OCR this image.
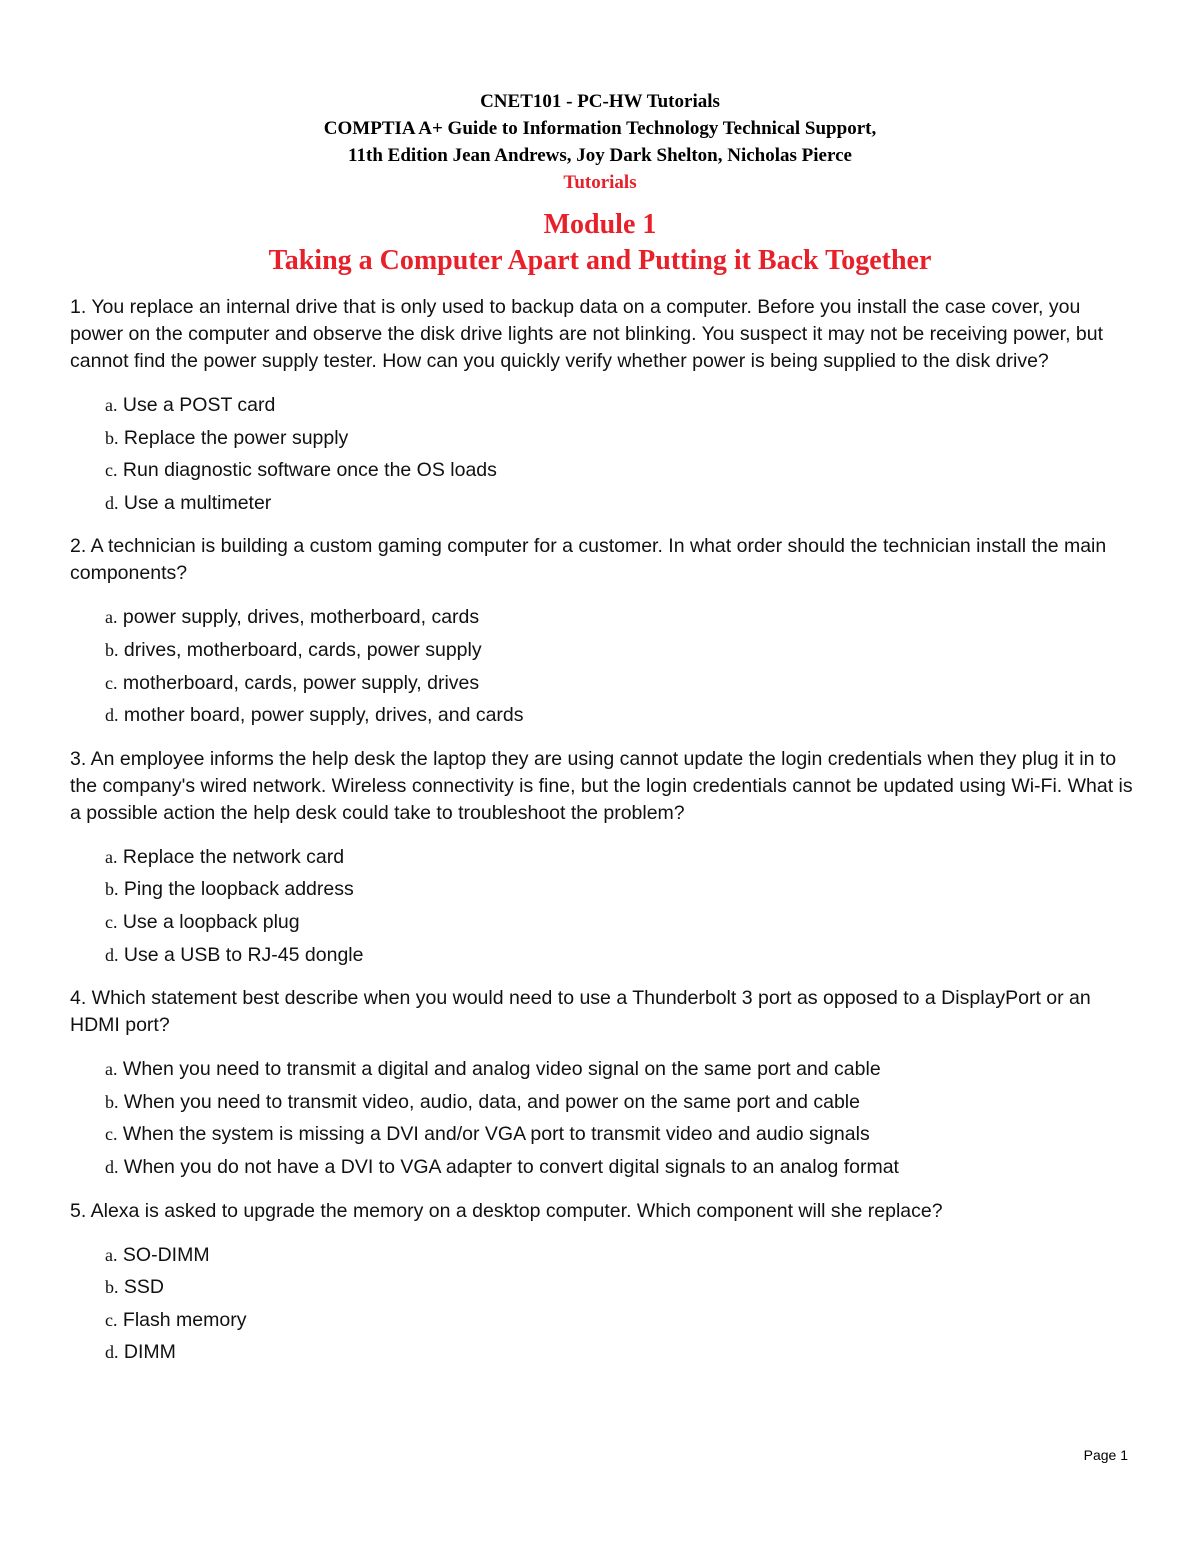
CNET101 - PC-HW Tutorials
COMPTIA A+ Guide to Information Technology Technical Support,
11th Edition Jean Andrews, Joy Dark Shelton, Nicholas Pierce
Tutorials
Module 1
Taking a Computer Apart and Putting it Back Together

1. You replace an internal drive that is only used to backup data on a computer. Before you install the case cover, you power on the computer and observe the disk drive lights are not blinking. You suspect it may not be receiving power, but cannot find the power supply tester. How can you quickly verify whether power is being supplied to the disk drive?

a. Use a POST card
b. Replace the power supply
c. Run diagnostic software once the OS loads
d. Use a multimeter

2. A technician is building a custom gaming computer for a customer. In what order should the technician install the main components?

a. power supply, drives, motherboard, cards
b. drives, motherboard, cards, power supply
c. motherboard, cards, power supply, drives
d. mother board, power supply, drives, and cards

3. An employee informs the help desk the laptop they are using cannot update the login credentials when they plug it in to the company's wired network. Wireless connectivity is fine, but the login credentials cannot be updated using Wi-Fi. What is a possible action the help desk could take to troubleshoot the problem?

a. Replace the network card
b. Ping the loopback address
c. Use a loopback plug
d. Use a USB to RJ-45 dongle

4. Which statement best describe when you would need to use a Thunderbolt 3 port as opposed to a DisplayPort or an HDMI port?

a. When you need to transmit a digital and analog video signal on the same port and cable
b. When you need to transmit video, audio, data, and power on the same port and cable
c. When the system is missing a DVI and/or VGA port to transmit video and audio signals
d. When you do not have a DVI to VGA adapter to convert digital signals to an analog format

5. Alexa is asked to upgrade the memory on a desktop computer. Which component will she replace?

a. SO-DIMM
b. SSD
c. Flash memory
d. DIMM
Page 1
